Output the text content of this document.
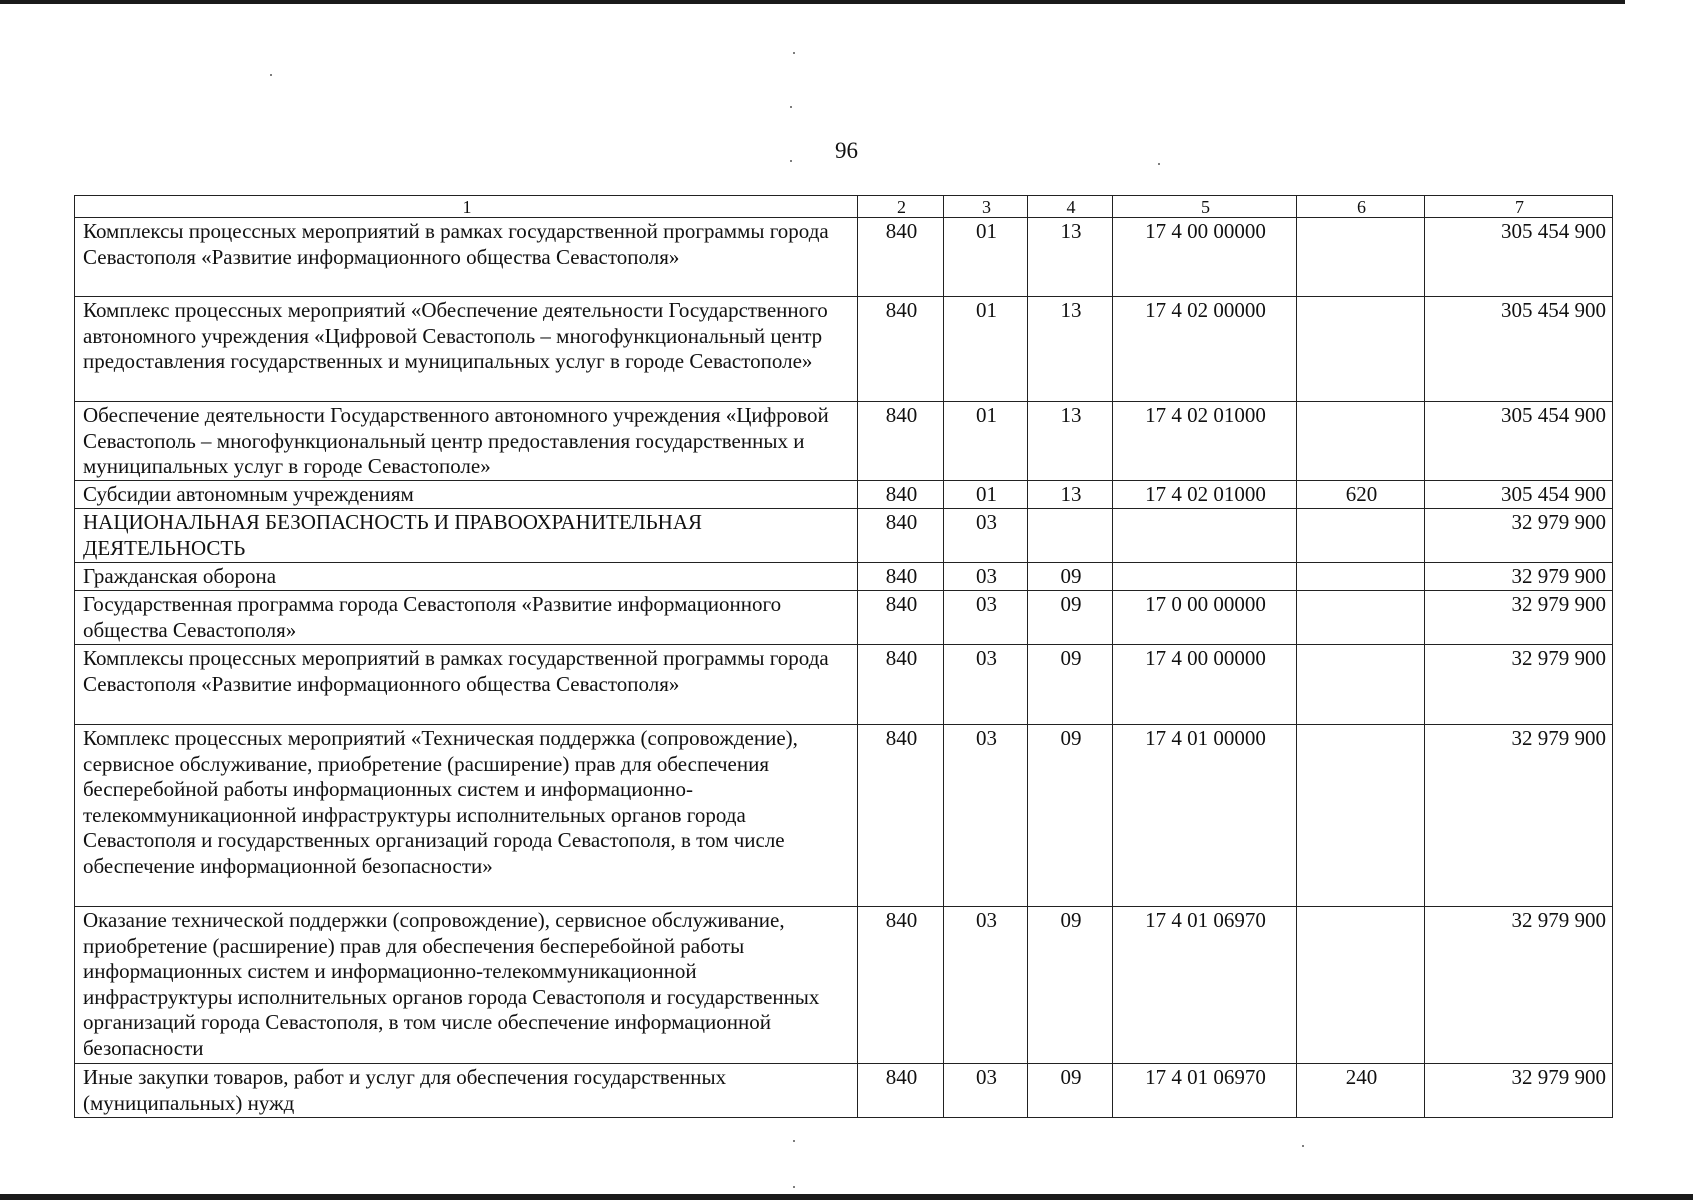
96
1	2	3	4	5	6	7
Комплексы процессных мероприятий в рамках государственной программы города Севастополя «Развитие информационного общества Севастополя»	840	01	13	17 4 00 00000		305 454 900
Комплекс процессных мероприятий «Обеспечение деятельности Государственного автономного учреждения «Цифровой Севастополь – многофункциональный центр предоставления государственных и муниципальных услуг в городе Севастополе»	840	01	13	17 4 02 00000		305 454 900
Обеспечение деятельности Государственного автономного учреждения «Цифровой Севастополь – многофункциональный центр предоставления государственных и муниципальных услуг в городе Севастополе»	840	01	13	17 4 02 01000		305 454 900
Субсидии автономным учреждениям	840	01	13	17 4 02 01000	620	305 454 900
НАЦИОНАЛЬНАЯ БЕЗОПАСНОСТЬ И ПРАВООХРАНИТЕЛЬНАЯ ДЕЯТЕЛЬНОСТЬ	840	03				32 979 900
Гражданская оборона	840	03	09			32 979 900
Государственная программа города Севастополя «Развитие информационного общества Севастополя»	840	03	09	17 0 00 00000		32 979 900
Комплексы процессных мероприятий в рамках государственной программы города Севастополя «Развитие информационного общества Севастополя»	840	03	09	17 4 00 00000		32 979 900
Комплекс процессных мероприятий «Техническая поддержка (сопровождение), сервисное обслуживание, приобретение (расширение) прав для обеспечения бесперебойной работы информационных систем и информационно-телекоммуникационной инфраструктуры исполнительных органов города Севастополя и государственных организаций города Севастополя, в том числе обеспечение информационной безопасности»	840	03	09	17 4 01 00000		32 979 900
Оказание технической поддержки (сопровождение), сервисное обслуживание, приобретение (расширение) прав для обеспечения бесперебойной работы информационных систем и информационно-телекоммуникационной инфраструктуры исполнительных органов города Севастополя и государственных организаций города Севастополя, в том числе обеспечение информационной безопасности	840	03	09	17 4 01 06970		32 979 900
Иные закупки товаров, работ и услуг для обеспечения государственных (муниципальных) нужд	840	03	09	17 4 01 06970	240	32 979 900
